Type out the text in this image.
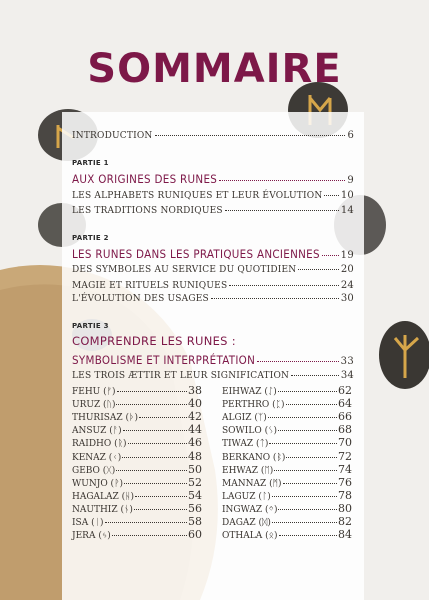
SOMMAIRE
INTRODUCTION	6
PARTIE 1
AUX ORIGINES DES RUNES	9
LES ALPHABETS RUNIQUES ET LEUR ÉVOLUTION 10
LES TRADITIONS NORDIQUES	14
PARTIE 2
LES RUNES DANS LES PRATIQUES ANCIENNES 19
DES SYMBOLES AU SERVICE DU QUOTIDIEN	20
MAGIE ET RITUELS RUNIQUES	24
L'ÉVOLUTION DES USAGES	30
PARTIE 3
COMPRENDRE LES RUNES :
SYMBOLISME ET INTERPRÉTATION	33
LES TROIS ÆTTIR ET LEUR SIGNIFICATION	34
FEHU (ᚠ)	38
URUZ (ᚢ)	40
THURISAZ (ᚦ)	42
ANSUZ (ᚨ)	44
RAIDHO (ᚱ)	46
KENAZ (ᚲ)	48
GEBO (ᚷ)	50
WUNJO (ᚹ)	52
HAGALAZ (ᚺ)	54
NAUTHIZ (ᚾ)	56
ISA (ᛁ)	58
JERA (ᛃ)	60
EIHWAZ (ᛇ)	62
PERTHRO (ᛈ)	64
ALGIZ (ᛉ)	66
SOWILO (ᛊ)	68
TIWAZ (ᛏ)	70
BERKANO (ᛒ)	72
EHWAZ (ᛖ)	74
MANNAZ (ᛗ)	76
LAGUZ (ᛚ)	78
INGWAZ (ᛜ)	80
DAGAZ (ᛞ)	82
OTHALA (ᛟ)	84
